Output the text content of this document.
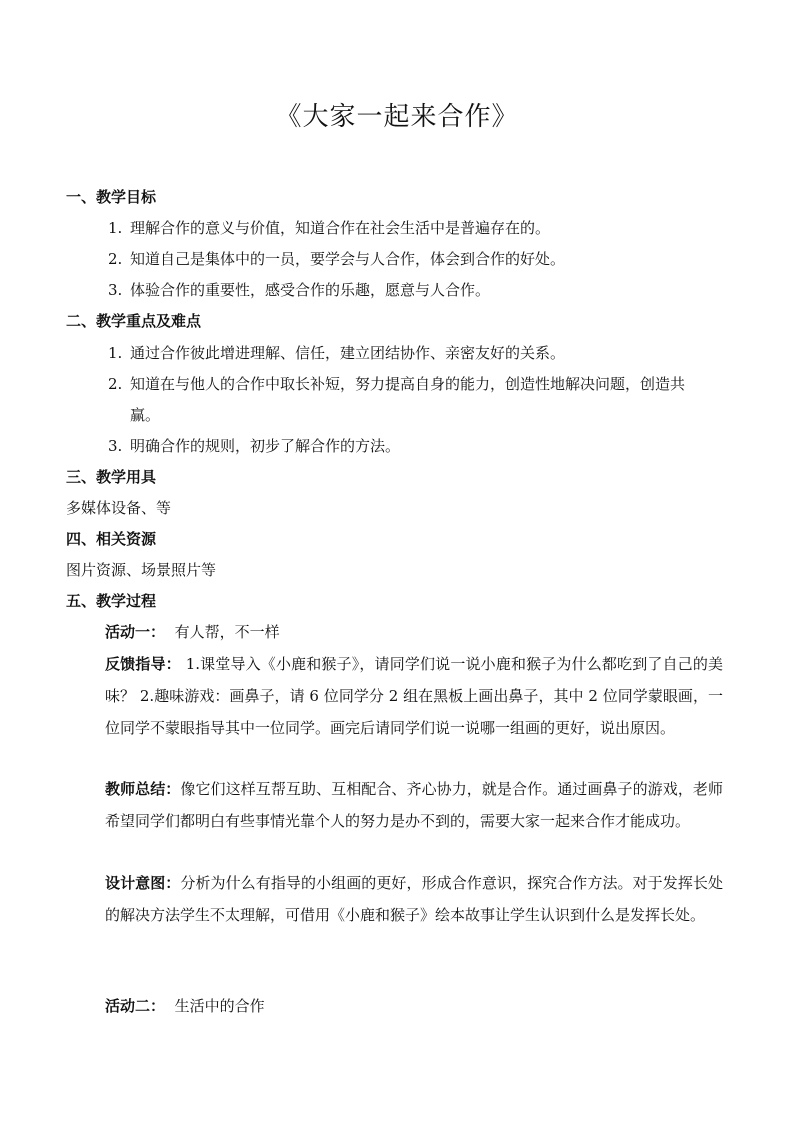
《大家一起来合作》
一、教学目标
1. 理解合作的意义与价值，知道合作在社会生活中是普遍存在的。
2. 知道自己是集体中的一员，要学会与人合作，体会到合作的好处。
3. 体验合作的重要性，感受合作的乐趣，愿意与人合作。
二、教学重点及难点
1. 通过合作彼此增进理解、信任，建立团结协作、亲密友好的关系。
2. 知道在与他人的合作中取长补短，努力提高自身的能力，创造性地解决问题，创造共
赢。
3. 明确合作的规则，初步了解合作的方法。
三、教学用具
多媒体设备、等
四、相关资源
图片资源、场景照片等
五、教学过程
活动一： 有人帮，不一样
反馈指导： 1.课堂导入《小鹿和猴子》，请同学们说一说小鹿和猴子为什么都吃到了自己的美味？ 2.趣味游戏：画鼻子，请 6 位同学分 2 组在黑板上画出鼻子，其中 2 位同学蒙眼画，一位同学不蒙眼指导其中一位同学。画完后请同学们说一说哪一组画的更好，说出原因。
教师总结：像它们这样互帮互助、互相配合、齐心协力，就是合作。通过画鼻子的游戏，老师希望同学们都明白有些事情光靠个人的努力是办不到的，需要大家一起来合作才能成功。
设计意图：分析为什么有指导的小组画的更好，形成合作意识，探究合作方法。对于发挥长处的解决方法学生不太理解，可借用《小鹿和猴子》绘本故事让学生认识到什么是发挥长处。
活动二： 生活中的合作
